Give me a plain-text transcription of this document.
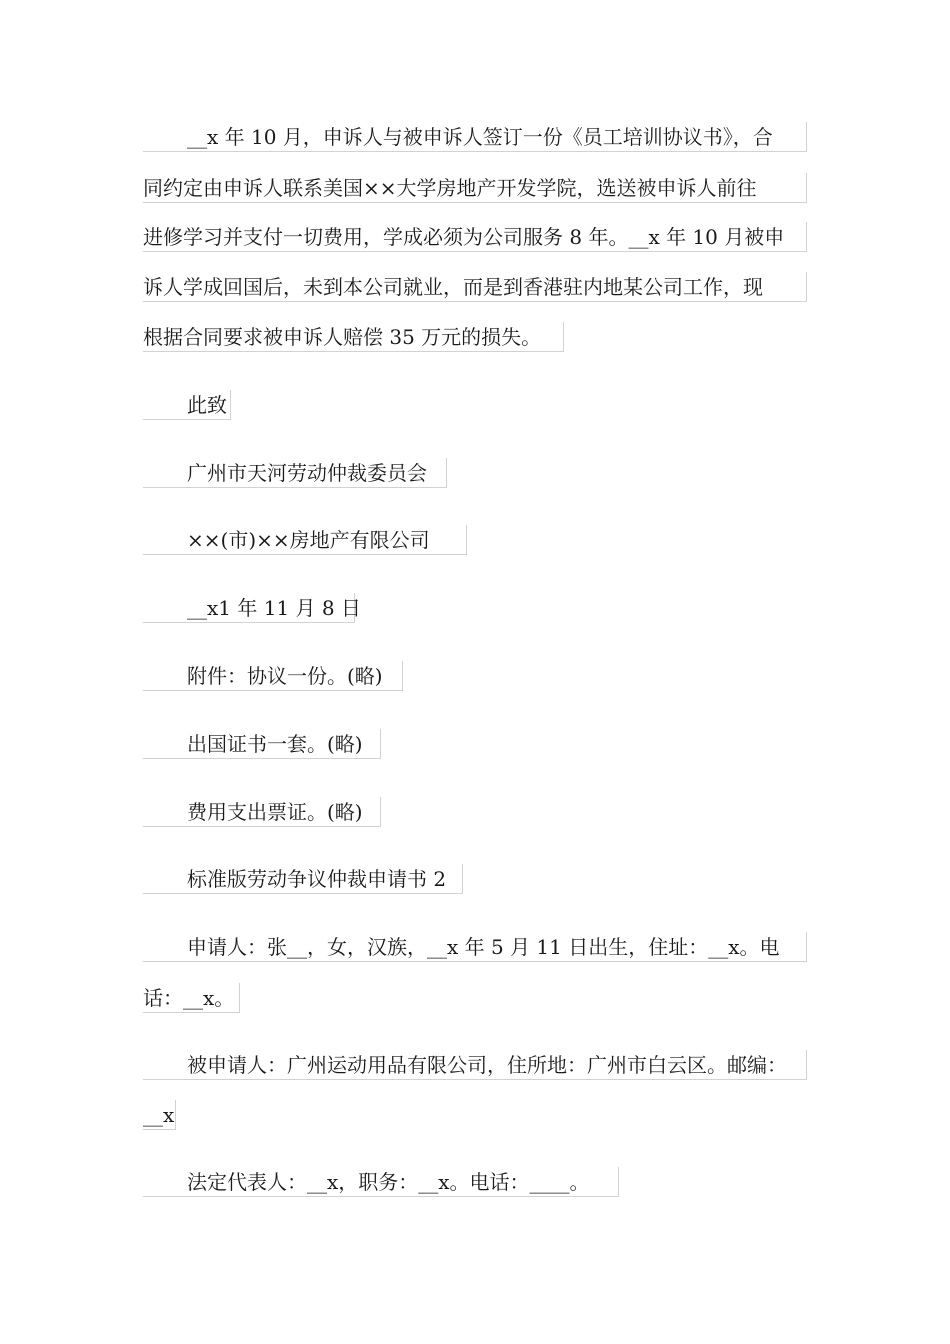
__x 年 10 月，申诉人与被申诉人签订一份《员工培训协议书》，合
同约定由申诉人联系美国××大学房地产开发学院，选送被申诉人前往
进修学习并支付一切费用，学成必须为公司服务 8 年。__x 年 10 月被申
诉人学成回国后，未到本公司就业，而是到香港驻内地某公司工作，现
根据合同要求被申诉人赔偿 35 万元的损失。
此致
广州市天河劳动仲裁委员会
××(市)××房地产有限公司
__x1 年 11 月 8 日
附件：协议一份。(略)
出国证书一套。(略)
费用支出票证。(略)
标准版劳动争议仲裁申请书 2
申请人：张__，女，汉族，__x 年 5 月 11 日出生，住址：__x。电
话：__x。
被申请人：广州运动用品有限公司，住所地：广州市白云区。邮编：
__x
法定代表人：__x，职务：__x。电话：____。
